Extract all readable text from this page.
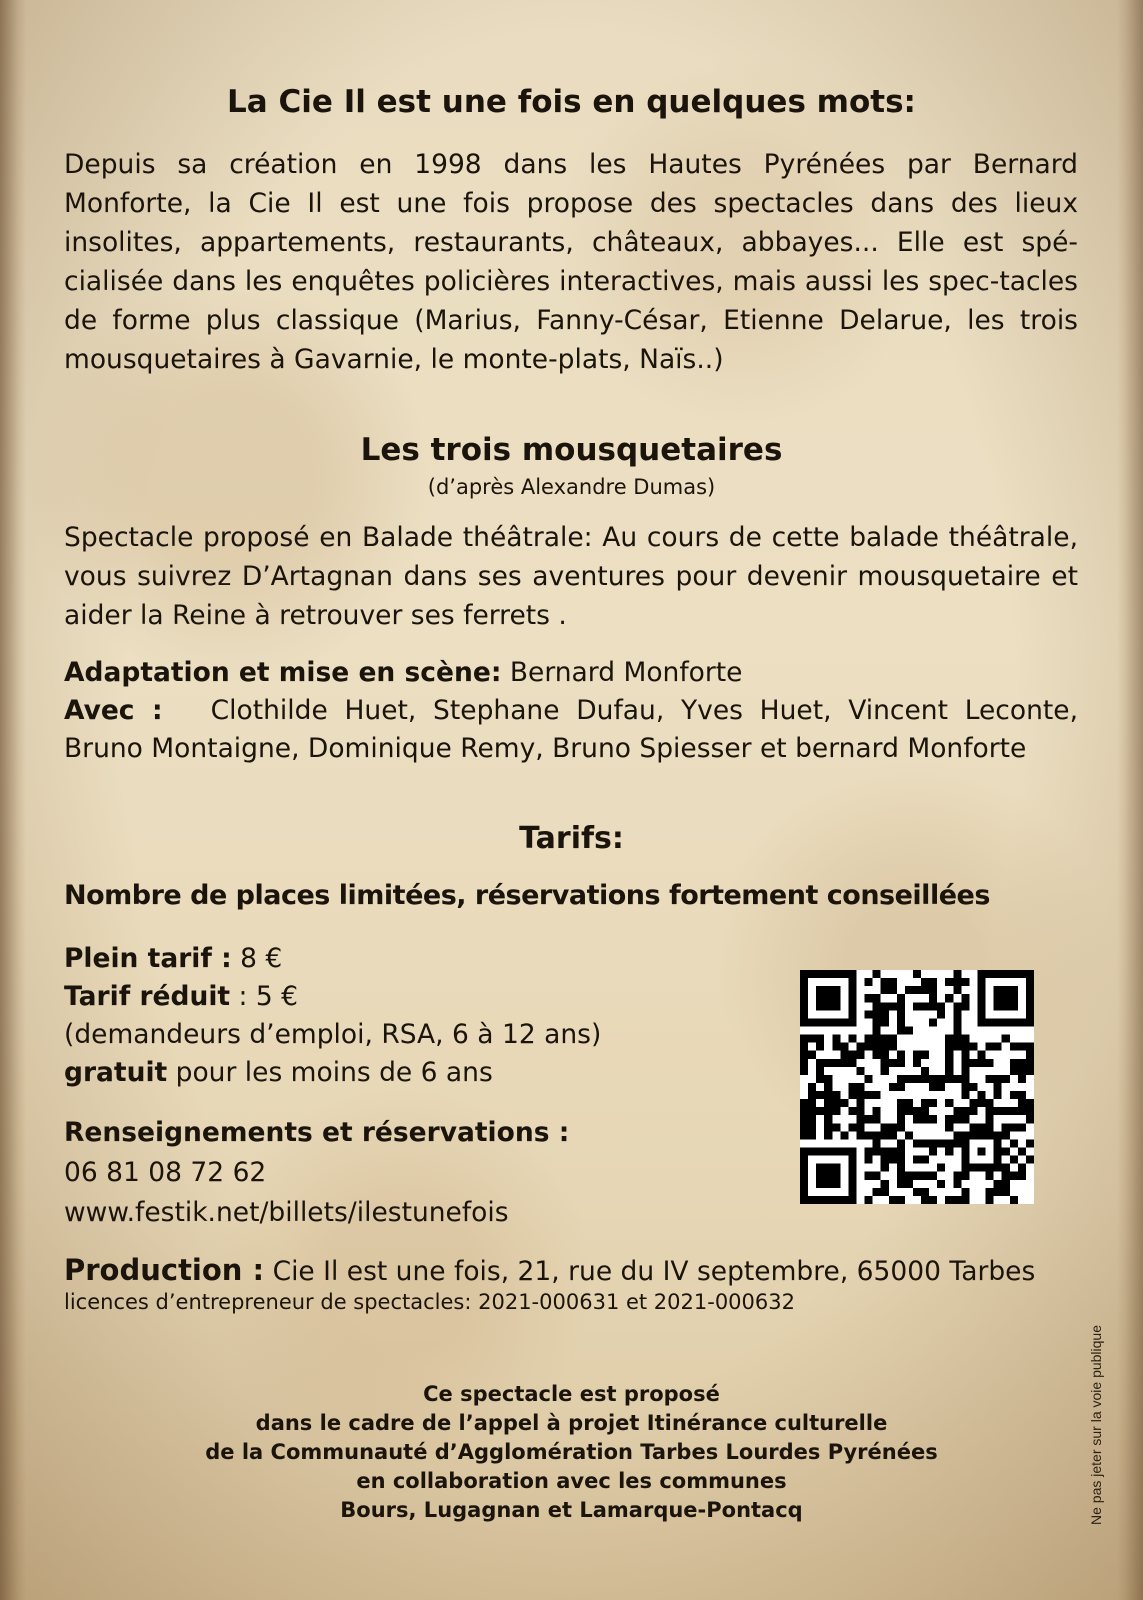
La Cie Il est une fois en quelques mots:
Depuis sa création en 1998 dans les Hautes Pyrénées par Bernard Monforte, la Cie Il est une fois propose des spectacles dans des lieux insolites, appartements, restaurants, châteaux, abbayes... Elle est spé-cialisée dans les enquêtes policières interactives, mais aussi les spec-tacles de forme plus classique (Marius, Fanny-César, Etienne Delarue, les trois mousquetaires à Gavarnie, le monte-plats, Naïs..)
Les trois mousquetaires
(d’après Alexandre Dumas)
Spectacle proposé en Balade théâtrale: Au cours de cette balade théâtrale, vous suivrez D’Artagnan dans ses aventures pour devenir mousquetaire et aider la Reine à retrouver ses ferrets .
Adaptation et mise en scène: Bernard Monforte
Avec : Clothilde Huet, Stephane Dufau, Yves Huet, Vincent Leconte, Bruno Montaigne, Dominique Remy, Bruno Spiesser et bernard Monforte
Tarifs:
Nombre de places limitées, réservations fortement conseillées
Plein tarif : 8 €
Tarif réduit : 5 €
(demandeurs d’emploi, RSA, 6 à 12 ans)
gratuit pour les moins de 6 ans
Renseignements et réservations :
06 81 08 72 62
www.festik.net/billets/ilestunefois
Production : Cie Il est une fois, 21, rue du IV septembre, 65000 Tarbes
licences d’entrepreneur de spectacles: 2021-000631 et 2021-000632
Ce spectacle est proposé
dans le cadre de l’appel à projet Itinérance culturelle
de la Communauté d’Agglomération Tarbes Lourdes Pyrénées
en collaboration avec les communes
Bours, Lugagnan et Lamarque-Pontacq	Ne pas jeter sur la voie publique
